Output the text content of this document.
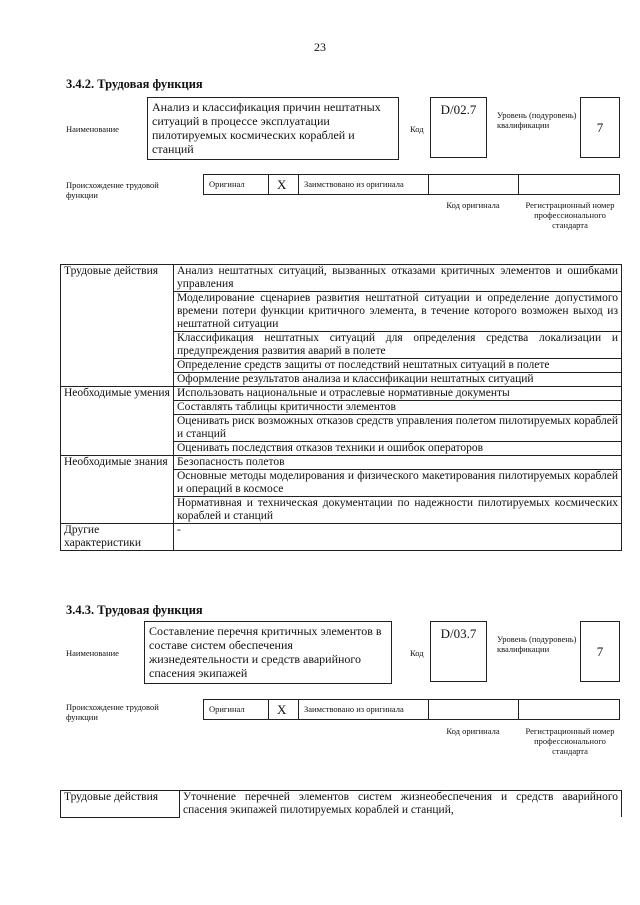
23
3.4.2. Трудовая функция
Наименование
Анализ и классификация причин нештатных ситуаций в процессе эксплуатации пилотируемых космических кораблей и станций
Код
D/02.7	Уровень (подуровень) квалификации	7
Происхождение трудовой функции
Оригинал	X	Заимствовано из оригинала
Код оригинала	Регистрационный номер профессионального стандарта
Трудовые действия	Анализ нештатных ситуаций, вызванных отказами критичных элементов и ошибками управления
	Моделирование сценариев развития нештатной ситуации и определение допустимого времени потери функции критичного элемента, в течение которого возможен выход из нештатной ситуации
	Классификация нештатных ситуаций для определения средства локализации и предупреждения развития аварий в полете
	Определение средств защиты от последствий нештатных ситуаций в полете
	Оформление результатов анализа и классификации нештатных ситуаций
Необходимые умения	Использовать национальные и отраслевые нормативные документы
	Составлять таблицы критичности элементов
	Оценивать риск возможных отказов средств управления полетом пилотируемых кораблей и станций
	Оценивать последствия отказов техники и ошибок операторов
Необходимые знания	Безопасность полетов
	Основные методы моделирования и физического макетирования пилотируемых кораблей и операций в космосе
	Нормативная и техническая документации по надежности пилотируемых космических кораблей и станций
Другие характеристики	-
3.4.3. Трудовая функция
Наименование
Составление перечня критичных элементов в составе систем обеспечения жизнедеятельности и средств аварийного спасения экипажей
Код
D/03.7	Уровень (подуровень) квалификации	7
Происхождение трудовой функции
Оригинал	X	Заимствовано из оригинала
Код оригинала	Регистрационный номер профессионального стандарта
Трудовые действия	Уточнение перечней элементов систем жизнеобеспечения и средств аварийного спасения экипажей пилотируемых кораблей и станций,
